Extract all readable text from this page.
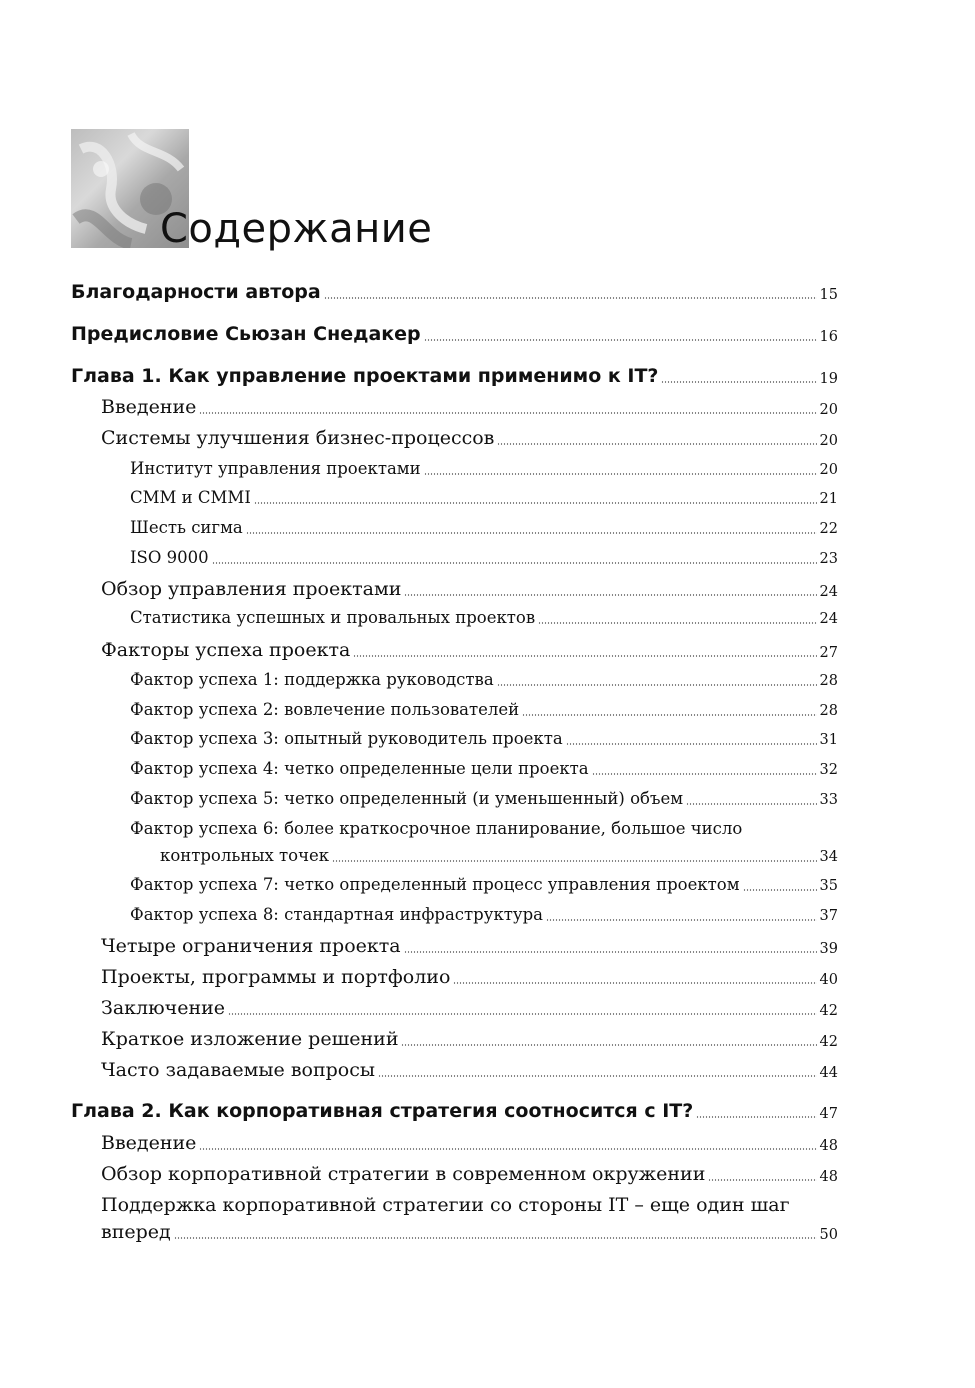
Содержание
Благодарности автора	15
Предисловие Сьюзан Снедакер	16
Глава 1. Как управление проектами применимо к IT?	19
Введение	20
Системы улучшения бизнес-процессов	20
Институт управления проектами	20
CMM и CMMI	21
Шесть сигма	22
ISO 9000	23
Обзор управления проектами	24
Статистика успешных и провальных проектов	24
Факторы успеха проекта	27
Фактор успеха 1: поддержка руководства	28
Фактор успеха 2: вовлечение пользователей	28
Фактор успеха 3: опытный руководитель проекта	31
Фактор успеха 4: четко определенные цели проекта	32
Фактор успеха 5: четко определенный (и уменьшенный) объем	33
Фактор успеха 6: более краткосрочное планирование, большое число
контрольных точек	34
Фактор успеха 7: четко определенный процесс управления проектом	35
Фактор успеха 8: стандартная инфраструктура	37
Четыре ограничения проекта	39
Проекты, программы и портфолио	40
Заключение	42
Краткое изложение решений	42
Часто задаваемые вопросы	44
Глава 2. Как корпоративная стратегия соотносится с IT?	47
Введение	48
Обзор корпоративной стратегии в современном окружении	48
Поддержка корпоративной стратегии со стороны IT – еще один шаг
вперед	50
